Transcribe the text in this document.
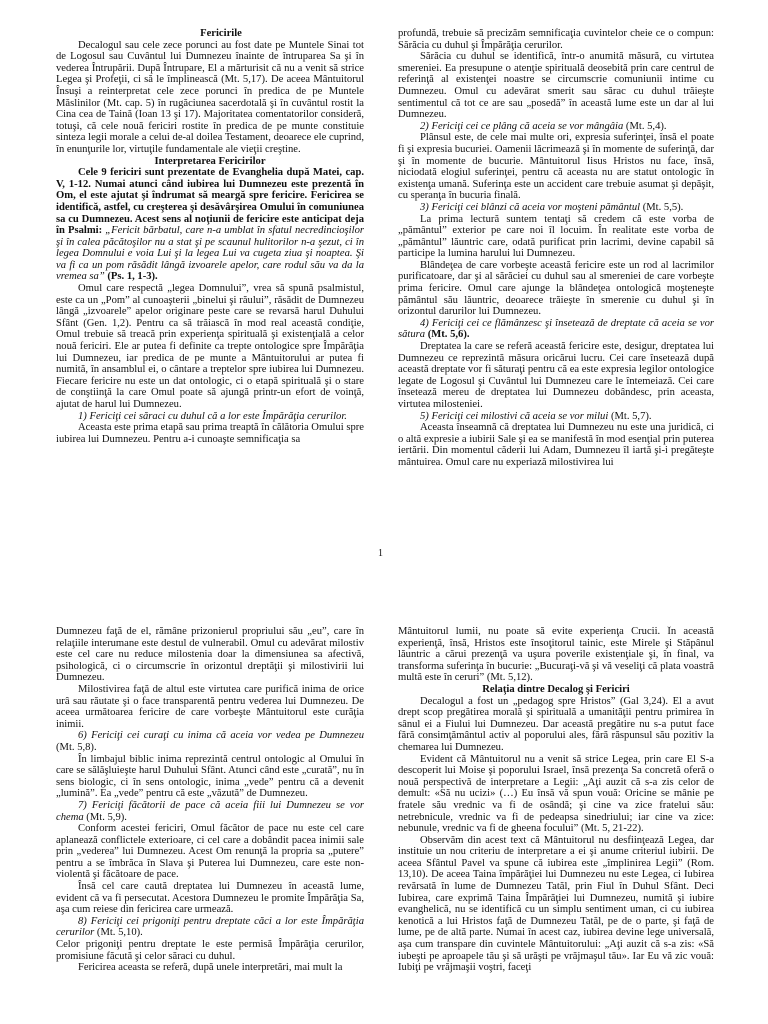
Fericirile

Decalogul sau cele zece porunci au fost date pe Muntele Sinai tot de Logosul sau Cuvântul lui Dumnezeu înainte de întruparea Sa şi în vederea Întrupării. După Întrupare, El a mărturisit că nu a venit să strice Legea şi Profeţii, ci să le împlinească (Mt. 5,17). De aceea Mântuitorul Însuşi a reinterpretat cele zece porunci în predica de pe Muntele Măslinilor (Mt. cap. 5) în rugăciunea sacerdotală şi în cuvântul rostit la Cina cea de Taină (Ioan 13 şi 17). Majoritatea comentatorilor consideră, totuşi, că cele nouă fericiri rostite în predica de pe munte constituie sinteza legii morale a celui de-al doilea Testament, deoarece ele cuprind, în enunţurile lor, virtuţile fundamentale ale vieţii creştine.

Interpretarea Fericirilor

Cele 9 fericiri sunt prezentate de Evanghelia după Matei, cap. V, 1-12. Numai atunci când iubirea lui Dumnezeu este prezentă în Om, el este ajutat şi îndrumat să meargă spre fericire. Fericirea se identifică, astfel, cu creşterea şi desăvârşirea Omului în comuniunea sa cu Dumnezeu. Acest sens al noţiunii de fericire este anticipat deja în Psalmi: „Fericit bărbatul, care n-a umblat în sfatul necredincioşilor şi în calea păcătoşilor nu a stat şi pe scaunul hulitorilor n-a şezut, ci în legea Domnului e voia Lui şi la legea Lui va cugeta ziua şi noaptea. Şi va fi ca un pom răsădit lângă izvoarele apelor, care rodul său va da la vremea sa” (Ps. 1, 1-3).

Omul care respectă „legea Domnului”, vrea să spună psalmistul, este ca un „Pom” al cunoaşterii „binelui şi răului”, răsădit de Dumnezeu lângă „izvoarele” apelor originare peste care se revarsă harul Duhului Sfânt (Gen. 1,2). Pentru ca să trăiască în mod real această condiţie, Omul trebuie să treacă prin experienţa spirituală şi existenţială a celor nouă fericiri. Ele ar putea fi definite ca trepte ontologice spre Împărăţia lui Dumnezeu, iar predica de pe munte a Mântuitorului ar putea fi numită, în ansamblul ei, o cântare a treptelor spre iubirea lui Dumnezeu. Fiecare fericire nu este un dat ontologic, ci o etapă spirituală şi o stare de conştiinţă la care Omul poate să ajungă printr-un efort de voinţă, ajutat de harul lui Dumnezeu.

1) Fericiţi cei săraci cu duhul că a lor este Împărăţia cerurilor.

Aceasta este prima etapă sau prima treaptă în călătoria Omului spre iubirea lui Dumnezeu. Pentru a-i cunoaşte semnificaţia sa

profundă, trebuie să precizăm semnificaţia cuvintelor cheie ce o compun: Sărăcia cu duhul şi Împărăţia cerurilor.

Sărăcia cu duhul se identifică, într-o anumită măsură, cu virtutea smereniei. Ea presupune o atenţie spirituală deosebită prin care centrul de referinţă al existenţei noastre se circumscrie comuniunii intime cu Dumnezeu. Omul cu adevărat smerit sau sărac cu duhul trăieşte sentimentul că tot ce are sau „posedă” în această lume este un dar al lui Dumnezeu.

2) Fericiţi cei ce plâng că aceia se vor mângâia (Mt. 5,4).

Plânsul este, de cele mai multe ori, expresia suferinţei, însă el poate fi şi expresia bucuriei. Oamenii lăcrimează şi în momente de suferinţă, dar şi în momente de bucurie. Mântuitorul Iisus Hristos nu face, însă, niciodată elogiul suferinţei, pentru că aceasta nu are statut ontologic în existenţa umană. Suferinţa este un accident care trebuie asumat şi depăşit, cu speranţa în bucuria finală.

3) Fericiţi cei blânzi că aceia vor moşteni pământul (Mt. 5,5).

La prima lectură suntem tentaţi să credem că este vorba de „pământul” exterior pe care noi îl locuim. În realitate este vorba de „pământul” lăuntric care, odată purificat prin lacrimi, devine capabil să participe la lumina harului lui Dumnezeu.

Blândeţea de care vorbeşte această fericire este un rod al lacrimilor purificatoare, dar şi al sărăciei cu duhul sau al smereniei de care vorbeşte prima fericire. Omul care ajunge la blândeţea ontologică moşteneşte pământul său lăuntric, deoarece trăieşte în smerenie cu duhul şi în orizontul darurilor lui Dumnezeu.

4) Fericiţi cei ce flămânzesc şi însetează de dreptate că aceia se vor sătura (Mt. 5,6).

Dreptatea la care se referă această fericire este, desigur, dreptatea lui Dumnezeu ce reprezintă măsura oricărui lucru. Cei care însetează după această dreptate vor fi săturaţi pentru că ea este expresia legilor ontologice legate de Logosul şi Cuvântul lui Dumnezeu care le întemeiază. Cei care însetează mereu de dreptatea lui Dumnezeu dobândesc, prin aceasta, virtutea milosteniei.

5) Fericiţi cei milostivi că aceia se vor milui (Mt. 5,7).

Aceasta înseamnă că dreptatea lui Dumnezeu nu este una juridică, ci o altă expresie a iubirii Sale şi ea se manifestă în mod esenţial prin puterea iertării. Din momentul căderii lui Adam, Dumnezeu îl iartă şi-i pregăteşte mântuirea. Omul care nu experiază milostivirea lui

1

Dumnezeu faţă de el, rămâne prizonierul propriului său „eu”, care în relaţiile interumane este destul de vulnerabil. Omul cu adevărat milostiv este cel care nu reduce milostenia doar la dimensiunea sa afectivă, psihologică, ci o circumscrie în orizontul dreptăţii şi milostivirii lui Dumnezeu.

Milostivirea faţă de altul este virtutea care purifică inima de orice urâ sau răutate şi o face transparentă pentru vederea lui Dumnezeu. De aceea următoarea fericire de care vorbeşte Mântuitorul este curăţia inimii.

6) Fericiţi cei curaţi cu inima că aceia vor vedea pe Dumnezeu (Mt. 5,8).

În limbajul biblic inima reprezintă centrul ontologic al Omului în care se sălăşluieşte harul Duhului Sfânt. Atunci când este „curată”, nu în sens biologic, ci în sens ontologic, inima „vede” pentru că a devenit „lumină”. Ea „vede” pentru că este „văzută” de Dumnezeu.

7) Fericiţi făcătorii de pace că aceia fiii lui Dumnezeu se vor chema (Mt. 5,9).

Conform acestei fericiri, Omul făcător de pace nu este cel care aplanează conflictele exterioare, ci cel care a dobândit pacea inimii sale prin „vederea” lui Dumnezeu. Acest Om renunţă la propria sa „putere” pentru a se îmbrăca în Slava şi Puterea lui Dumnezeu, care este non-violentă şi făcătoare de pace.

Însă cel care caută dreptatea lui Dumnezeu în această lume, evident că va fi persecutat. Acestora Dumnezeu le promite Împărăţia Sa, aşa cum reiese din fericirea care urmează.

8) Fericiţi cei prigoniţi pentru dreptate căci a lor este Împărăţia cerurilor (Mt. 5,10).

Celor prigoniţi pentru dreptate le este permisă Împărăţia cerurilor, promisiune făcută şi celor săraci cu duhul.

Fericirea aceasta se referă, după unele interpretări, mai mult la

Mântuitorul lumii, nu poate să evite experienţa Crucii. În această experienţă, însă, Hristos este însoţitorul tainic, este Mirele şi Stăpânul lăuntric a cărui prezenţă va uşura poverile existenţiale şi, în final, va transforma suferinţa în bucurie: „Bucuraţi-vă şi vă veseliţi că plata voastră multă este în ceruri” (Mt. 5,12).

Relaţia dintre Decalog şi Fericiri

Decalogul a fost un „pedagog spre Hristos” (Gal 3,24). El a avut drept scop pregătirea morală şi spirituală a umanităţii pentru primirea în sânul ei a Fiului lui Dumnezeu. Dar această pregătire nu s-a putut face fără consimţământul activ al poporului ales, fără răspunsul său pozitiv la chemarea lui Dumnezeu.

Evident că Mântuitorul nu a venit să strice Legea, prin care El S-a descoperit lui Moise şi poporului Israel, însă prezenţa Sa concretă oferă o nouă perspectivă de interpretare a Legii: „Aţi auzit că s-a zis celor de demult: «Să nu ucizi» (…) Eu însă vă spun vouă: Oricine se mânie pe fratele său vrednic va fi de osândă; şi cine va zice fratelui său: netrebnicule, vrednic va fi de pedeapsa sinedriului; iar cine va zice: nebunule, vrednic va fi de gheena focului” (Mt. 5, 21-22).

Observăm din acest text că Mântuitorul nu desfiinţează Legea, dar instituie un nou criteriu de interpretare a ei şi anume criteriul iubirii. De aceea Sfântul Pavel va spune că iubirea este „împlinirea Legii” (Rom. 13,10). De aceea Taina împărăţiei lui Dumnezeu nu este Legea, ci Iubirea revărsată în lume de Dumnezeu Tatăl, prin Fiul în Duhul Sfânt. Deci Iubirea, care exprimă Taina Împărăţiei lui Dumnezeu, numită şi iubire evanghelică, nu se identifică cu un simplu sentiment uman, ci cu iubirea kenotică a lui Hristos faţă de Dumnezeu Tatăl, pe de o parte, şi faţă de lume, pe de altă parte. Numai în acest caz, iubirea devine lege universală, aşa cum transpare din cuvintele Mântuitorului: „Aţi auzit că s-a zis: «Să iubeşti pe aproapele tău şi să urăşti pe vrăjmaşul tău». Iar Eu vă zic vouă: Iubiţi pe vrăjmaşii voştri, faceţi
